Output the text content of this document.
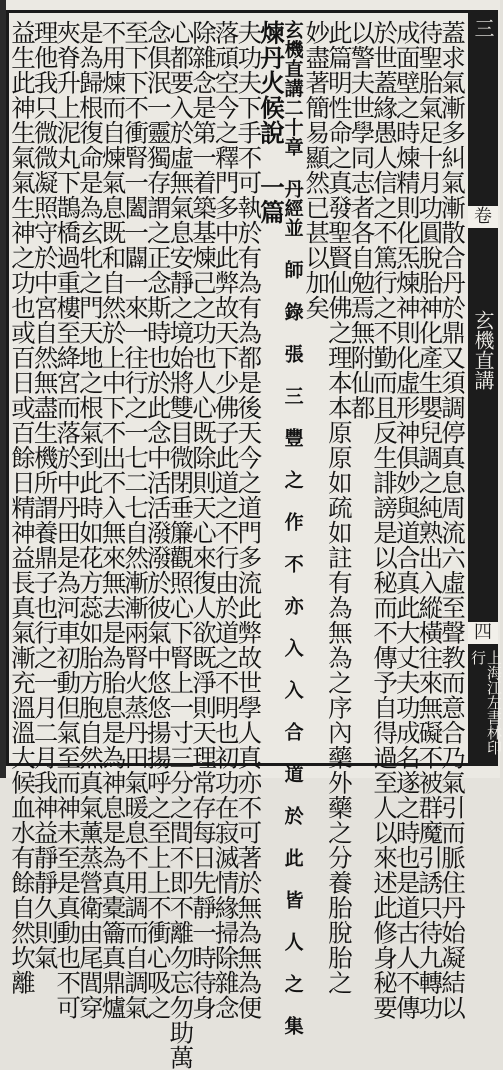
蓋求氣漸多糾氣漸散合丹於鼎又須調停真息周流六虛至聲教而意合乃氣引而脈住丹始凝結以
待聖胎氣足十月功圓脫胎神化產生嬰兒調之純熟出入縱橫往來無礙不被群魔引誘只待九轉功
成面壁之時煉精則化炁煉神則化虛形神俱妙與道合真此大丈夫功成名遂之時也是道古人不傳
於世蓋緣愚人信之不篤行之不勤而且反生誹謗是以秘而不傳予自得過至人以來述此修身秘要
以警夫世學同志者各自勉焉無附仙都
此篇明性命之真發聖賢仙佛之理本本原原如疏如註有為無為之序內藥外藥之分養胎脫胎之
妙盡著簡易顯然已甚以加矣
玄機直講二十章 丹經並 師 錄 張 三 豐 之 作 不 亦 入 入 合 道 於 此 皆 人 之 集
煉丹火候說 一篇
夫功夫下手不可執於有為有為都是後天今之道門多流此弊故世學人真亦不可著於無為無為便
落頑空今之釋門多中此弊故天下少佛子此道之不行由於道之不明也初功在寂滅情緣掃除雜念
除雜念是第一着築基煉己之功也人心既除則天心來復人欲既淨則天理常存每日先靜一時待身
心都要入於虛無氣息安靜之境始將雙目微閉垂簾觀照心下腎上一寸三分之間不即不離勿忘勿助萬
念俱泯一靈獨存謂之正念斯時也於此念中活活潑潑於彼氣中悠悠揚揚呼之至上上不衝心吸之
至下下不衝腎一闔一闢一來一往行之一七二七自然漸漸兩腎火蒸丹田氣暖息不用調而自調氣
不用煉而自煉氣息既和自然於上中下不出不入無來無去是為胎息是為神息是為真橐籥真鼎爐
是為歸根復命是為玄牝之門天地之根氣到此時如花方蕊如胎方胞自然真氣薰蒸營衛由尾閭穿
夾脊升上泥丸下鵲橋過重樓至絳宮而落於中丹田是為河車初動但氣至而神未至是真動也不可
理他我只微微凝照守於中宮自然無盡生機所謂養鼎子也行之一月二月我神益靜靜久則氣
益生此神生氣氣生神之功也或百日或百餘日精神益長真氣漸充溫溫大候血水有餘自然坎離	三
卷三
玄機直講
四
上海江左書林印行
